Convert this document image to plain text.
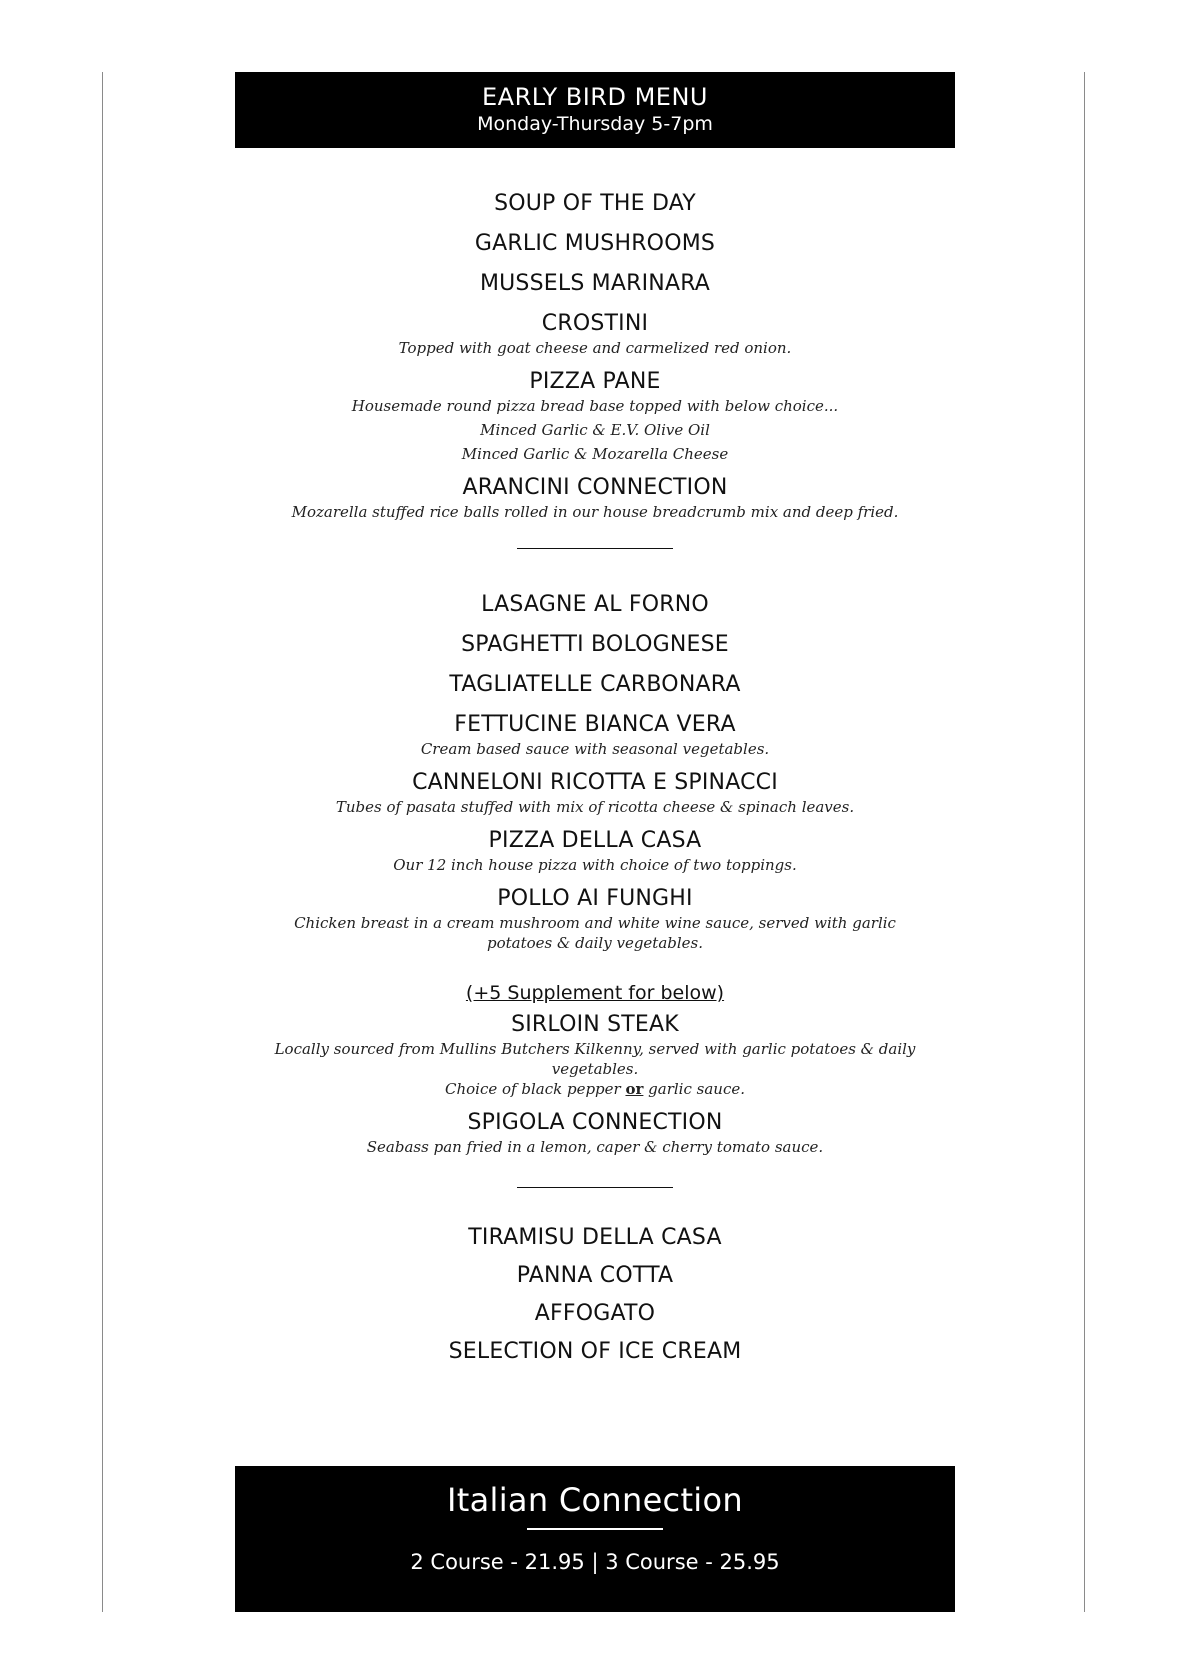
EARLY BIRD MENU
Monday-Thursday 5-7pm
SOUP OF THE DAY
GARLIC MUSHROOMS
MUSSELS MARINARA
CROSTINI
Topped with goat cheese and carmelized red onion.
PIZZA PANE
Housemade round pizza bread base topped with below choice...
Minced Garlic & E.V. Olive Oil
Minced Garlic & Mozarella Cheese
ARANCINI CONNECTION
Mozarella stuffed rice balls rolled in our house breadcrumb mix and deep fried.
LASAGNE AL FORNO
SPAGHETTI BOLOGNESE
TAGLIATELLE CARBONARA
FETTUCINE BIANCA VERA
Cream based sauce with seasonal vegetables.
CANNELONI RICOTTA E SPINACCI
Tubes of pasata stuffed with mix of ricotta cheese & spinach leaves.
PIZZA DELLA CASA
Our 12 inch house pizza with choice of two toppings.
POLLO AI FUNGHI
Chicken breast in a cream mushroom and white wine sauce, served with garlic potatoes & daily vegetables.
(+5 Supplement for below)
SIRLOIN STEAK
Locally sourced from Mullins Butchers Kilkenny, served with garlic potatoes & daily vegetables.
Choice of black pepper or garlic sauce.
SPIGOLA CONNECTION
Seabass pan fried in a lemon, caper & cherry tomato sauce.
TIRAMISU DELLA CASA
PANNA COTTA
AFFOGATO
SELECTION OF ICE CREAM
Italian Connection
2 Course - 21.95 | 3 Course - 25.95
